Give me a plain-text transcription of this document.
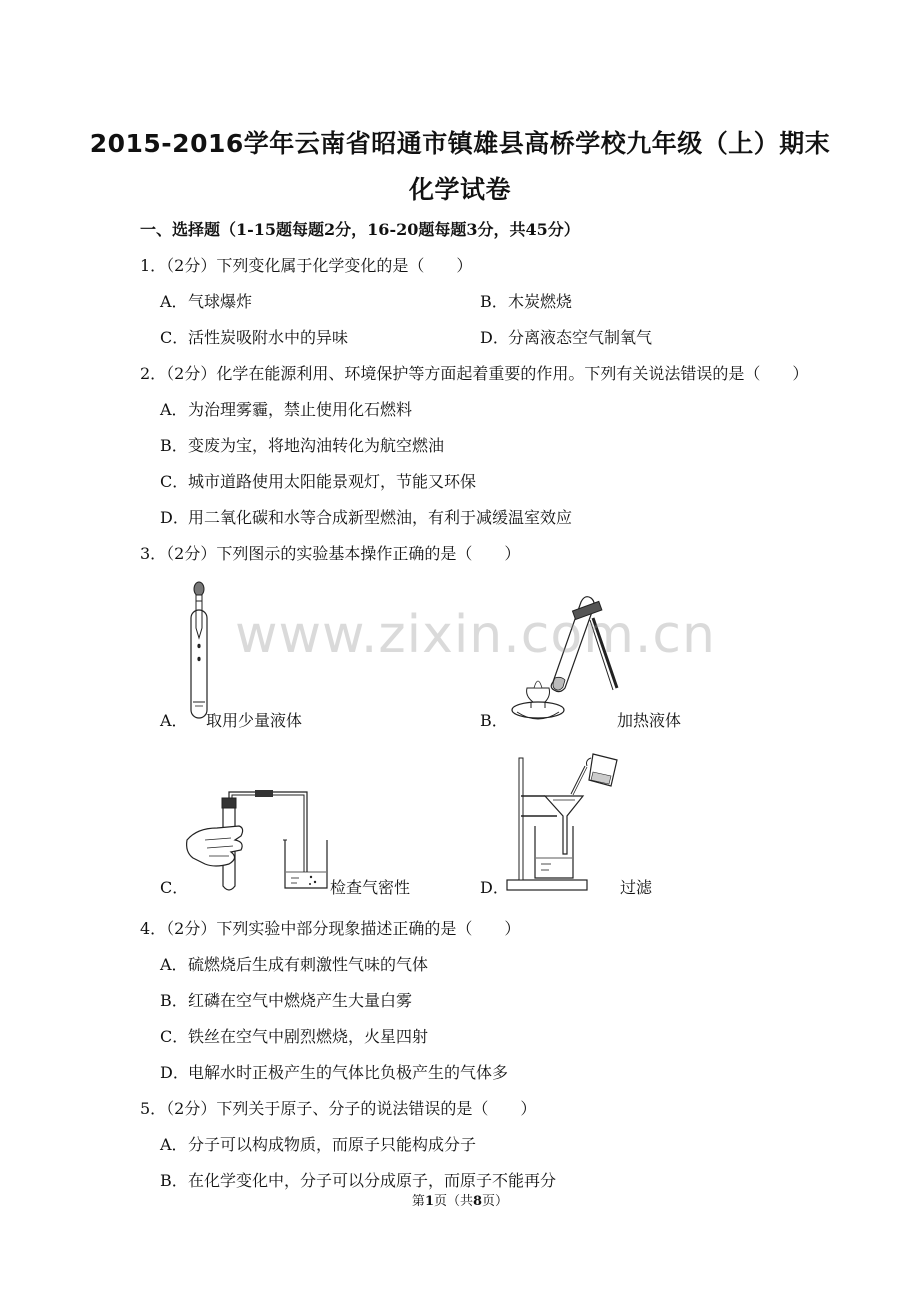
2015-2016学年云南省昭通市镇雄县高桥学校九年级（上）期末
化学试卷
一、选择题（1-15题每题2分，16-20题每题3分，共45分）
1．（2分）下列变化属于化学变化的是（　　）
A．气球爆炸	B．木炭燃烧
C．活性炭吸附水中的异味	D．分离液态空气制氧气
2．（2分）化学在能源利用、环境保护等方面起着重要的作用。下列有关说法错误的是（　　）
A．为治理雾霾，禁止使用化石燃料
B．变废为宝，将地沟油转化为航空燃油
C．城市道路使用太阳能景观灯，节能又环保
D．用二氧化碳和水等合成新型燃油，有利于减缓温室效应
3．（2分）下列图示的实验基本操作正确的是（　　）
A． 取用少量液体	B．	加热液体
C．	检查气密性	D．	过滤
www.zixin.com.cn
4．（2分）下列实验中部分现象描述正确的是（　　）
A．硫燃烧后生成有刺激性气味的气体
B．红磷在空气中燃烧产生大量白雾
C．铁丝在空气中剧烈燃烧，火星四射
D．电解水时正极产生的气体比负极产生的气体多
5．（2分）下列关于原子、分子的说法错误的是（　　）
A．分子可以构成物质，而原子只能构成分子
B．在化学变化中，分子可以分成原子，而原子不能再分
第1页（共8页）
